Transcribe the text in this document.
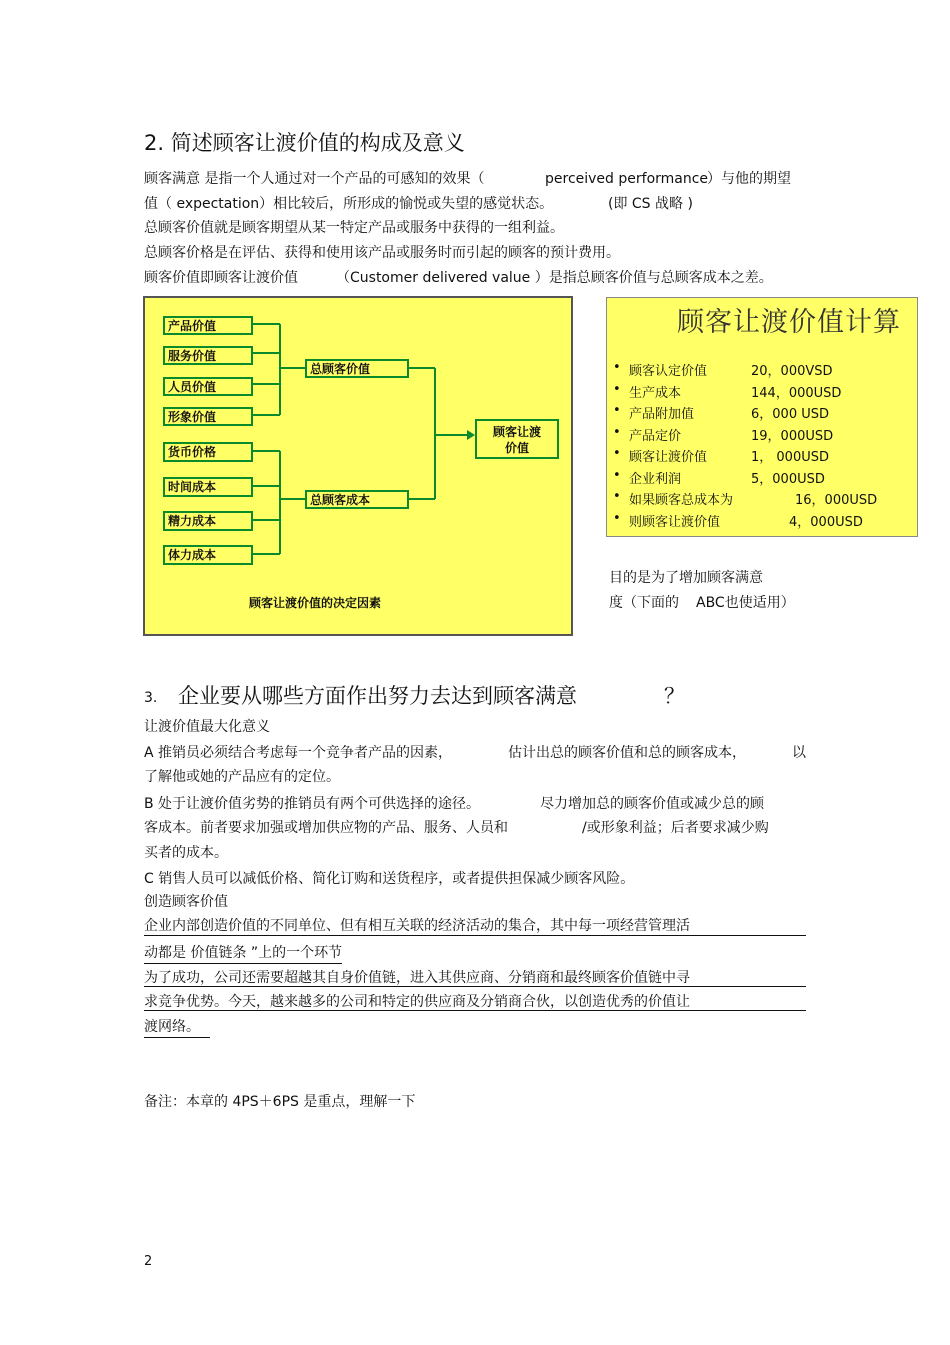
2. 简述顾客让渡价值的构成及意义
顾客满意 是指一个人通过对一个产品的可感知的效果（	perceived performance
）与他的期望
值（ expectation）相比较后，所形成的愉悦或失望的感觉状态。	(即 CS 战略 )
总顾客价值就是顾客期望从某一特定产品或服务中获得的一组利益。
总顾客价格是在评估、获得和使用该产品或服务时而引起的顾客的预计费用。
顾客价值即顾客让渡价值	（Customer delivered value ）是指总顾客价值与总顾客成本之差。
产品价值
服务价值
人员价值
形象价值
货币价格
时间成本
精力成本
体力成本
总顾客价值
总顾客成本
顾客让渡价值
顾客让渡价值的决定因素
顾客让渡价值计算
• 顾客认定价值	20，000VSD
• 生产成本	144，000USD
• 产品附加值	6，000 USD
• 产品定价	19，000USD
• 顾客让渡价值	1， 000USD
• 企业利润	5，000USD
• 如果顾客总成本为	16，000USD
• 则顾客让渡价值	4，000USD
目的是为了增加顾客满意
度（下面的 ABC也使适用）
3. 企业要从哪些方面作出努力去达到顾客满意	？
让渡价值最大化意义
A 推销员必须结合考虑每一个竞争者产品的因素，	估计出总的顾客价值和总的顾客成本，	以
了解他或她的产品应有的定位。
B 处于让渡价值劣势的推销员有两个可供选择的途径。	尽力增加总的顾客价值或减少总的顾
客成本。前者要求加强或增加供应物的产品、服务、人员和	/或形象利益；后者要求减少购
买者的成本。
C 销售人员可以减低价格、简化订购和送货程序，或者提供担保减少顾客风险。
创造顾客价值
企业内部创造价值的不同单位、但有相互关联的经济活动的集合，其中每一项经营管理活
动都是 价值链条 ”上的一个环节
为了成功，公司还需要超越其自身价值链，进入其供应商、分销商和最终顾客价值链中寻
求竞争优势。今天，越来越多的公司和特定的供应商及分销商合伙，以创造优秀的价值让
渡网络。
备注：本章的 4PS＋6PS 是重点，理解一下
2
